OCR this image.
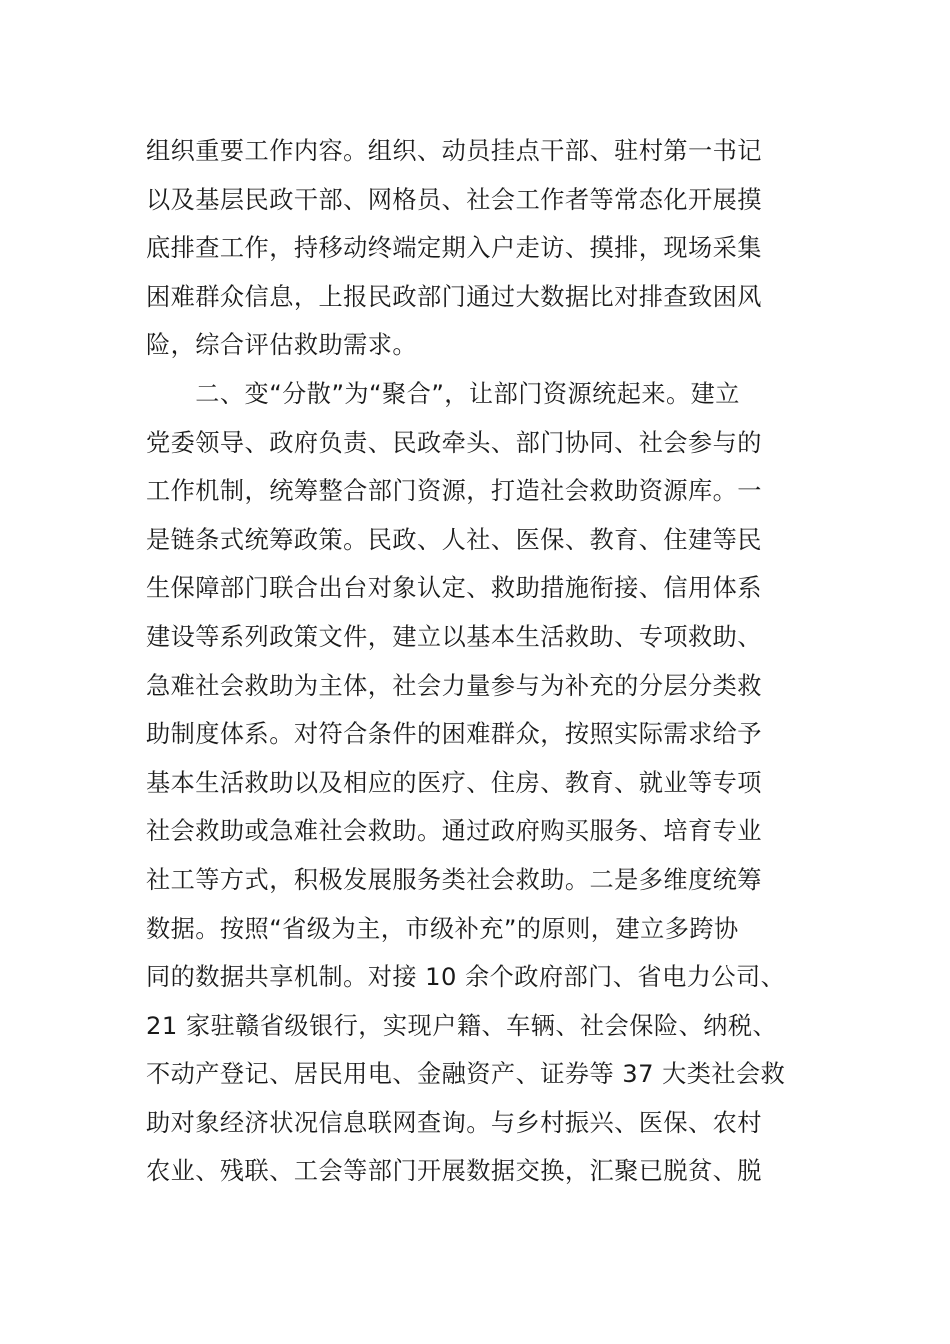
组织重要工作内容。组织、动员挂点干部、驻村第一书记
以及基层民政干部、网格员、社会工作者等常态化开展摸
底排查工作，持移动终端定期入户走访、摸排，现场采集
困难群众信息，上报民政部门通过大数据比对排查致困风
险，综合评估救助需求。
　　二、变“分散”为“聚合”，让部门资源统起来。建立
党委领导、政府负责、民政牵头、部门协同、社会参与的
工作机制，统筹整合部门资源，打造社会救助资源库。一
是链条式统筹政策。民政、人社、医保、教育、住建等民
生保障部门联合出台对象认定、救助措施衔接、信用体系
建设等系列政策文件，建立以基本生活救助、专项救助、
急难社会救助为主体，社会力量参与为补充的分层分类救
助制度体系。对符合条件的困难群众，按照实际需求给予
基本生活救助以及相应的医疗、住房、教育、就业等专项
社会救助或急难社会救助。通过政府购买服务、培育专业
社工等方式，积极发展服务类社会救助。二是多维度统筹
数据。按照“省级为主，市级补充”的原则，建立多跨协
同的数据共享机制。对接 10 余个政府部门、省电力公司、
21 家驻赣省级银行，实现户籍、车辆、社会保险、纳税、
不动产登记、居民用电、金融资产、证券等 37 大类社会救
助对象经济状况信息联网查询。与乡村振兴、医保、农村
农业、残联、工会等部门开展数据交换，汇聚已脱贫、脱
